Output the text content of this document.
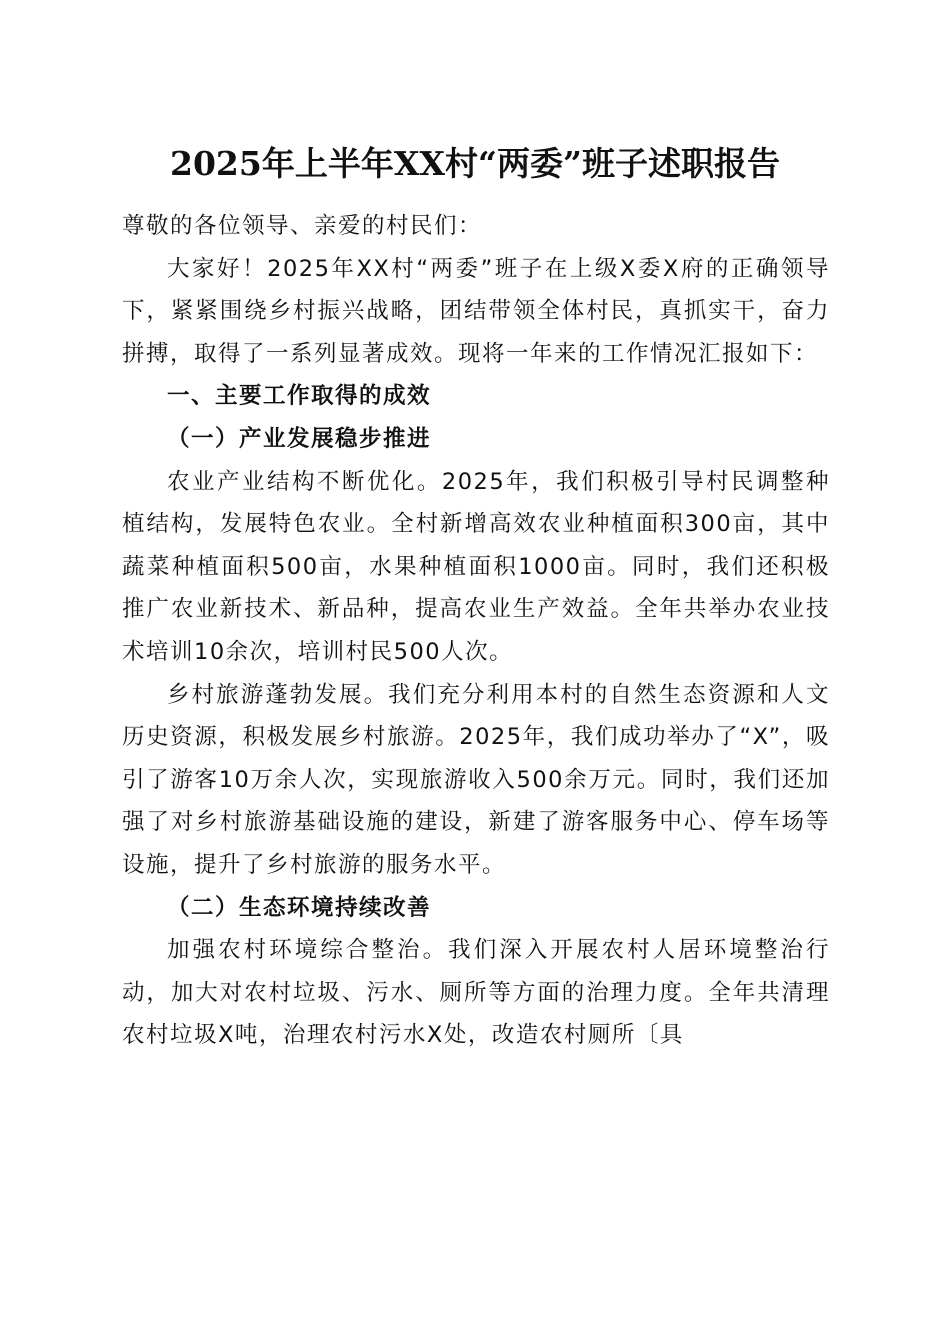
2025年上半年XX村“两委”班子述职报告

尊敬的各位领导、亲爱的村民们：

大家好！2025年XX村“两委”班子在上级X委X府的正确领导下，紧紧围绕乡村振兴战略，团结带领全体村民，真抓实干，奋力拼搏，取得了一系列显著成效。现将一年来的工作情况汇报如下：

一、主要工作取得的成效

（一）产业发展稳步推进

农业产业结构不断优化。2025年，我们积极引导村民调整种植结构，发展特色农业。全村新增高效农业种植面积300亩，其中蔬菜种植面积500亩，水果种植面积1000亩。同时，我们还积极推广农业新技术、新品种，提高农业生产效益。全年共举办农业技术培训10余次，培训村民500人次。

乡村旅游蓬勃发展。我们充分利用本村的自然生态资源和人文历史资源，积极发展乡村旅游。2025年，我们成功举办了“X”，吸引了游客10万余人次，实现旅游收入500余万元。同时，我们还加强了对乡村旅游基础设施的建设，新建了游客服务中心、停车场等设施，提升了乡村旅游的服务水平。

（二）生态环境持续改善

加强农村环境综合整治。我们深入开展农村人居环境整治行动，加大对农村垃圾、污水、厕所等方面的治理力度。全年共清理农村垃圾X吨，治理农村污水X处，改造农村厕所〔具
